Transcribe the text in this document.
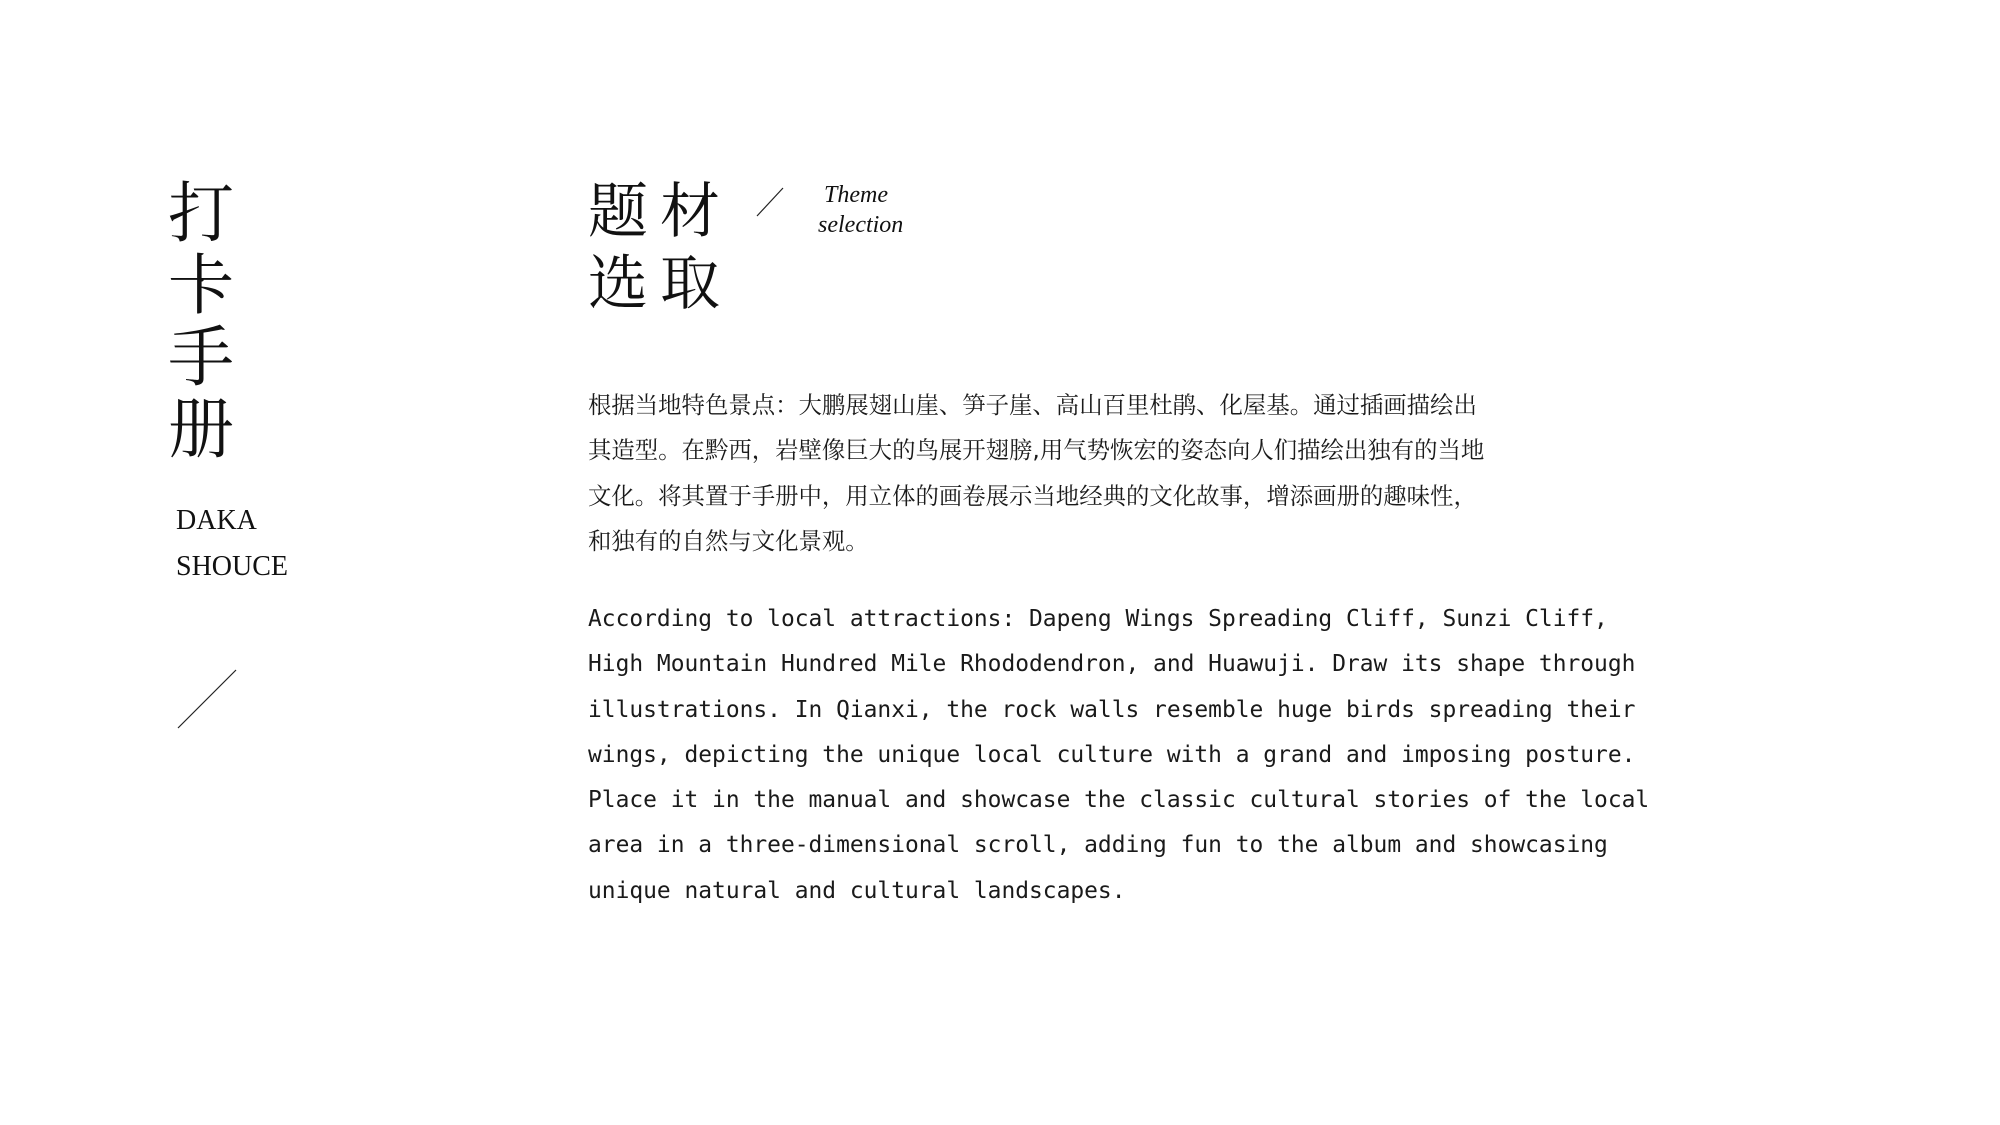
打
卡
手
册
DAKA
SHOUCE
题材
选取
Theme
selection
根据当地特色景点：大鹏展翅山崖、笋子崖、高山百里杜鹃、化屋基。通过插画描绘出
其造型。在黔西，岩壁像巨大的鸟展开翅膀,用气势恢宏的姿态向人们描绘出独有的当地
文化。将其置于手册中，用立体的画卷展示当地经典的文化故事，增添画册的趣味性，
和独有的自然与文化景观。
According to local attractions: Dapeng Wings Spreading Cliff, Sunzi Cliff,
High Mountain Hundred Mile Rhododendron, and Huawuji. Draw its shape through
illustrations. In Qianxi, the rock walls resemble huge birds spreading their
wings, depicting the unique local culture with a grand and imposing posture.
Place it in the manual and showcase the classic cultural stories of the local
area in a three-dimensional scroll, adding fun to the album and showcasing
unique natural and cultural landscapes.
